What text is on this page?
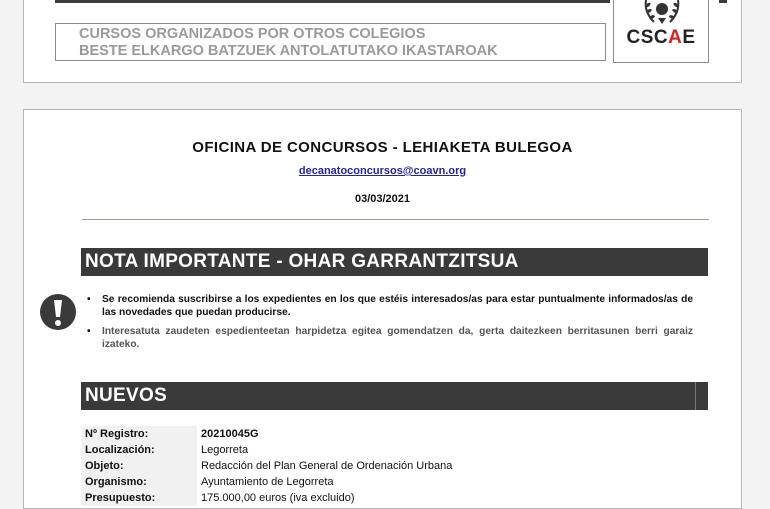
CURSOS ORGANIZADOS POR OTROS COLEGIOS
BESTE ELKARGO BATZUEK ANTOLATUTAKO IKASTAROAK
CSCAE
OFICINA DE CONCURSOS - LEHIAKETA BULEGOA
decanatoconcursos@coavn.org
03/03/2021
NOTA IMPORTANTE - OHAR GARRANTZITSUA
• Se recomienda suscribirse a los expedientes en los que estéis interesados/as para estar puntualmente informados/as de las novedades que puedan producirse.
• Interesatuta zaudeten espedienteetan harpidetza egitea gomendatzen da, gerta daitezkeen berritasunen berri garaiz izateko.
NUEVOS
Nº Registro:	20210045G
Localización:	Legorreta
Objeto:	Redacción del Plan General de Ordenación Urbana
Organismo:	Ayuntamiento de Legorreta
Presupuesto:	175.000,00 euros (iva excluido)
